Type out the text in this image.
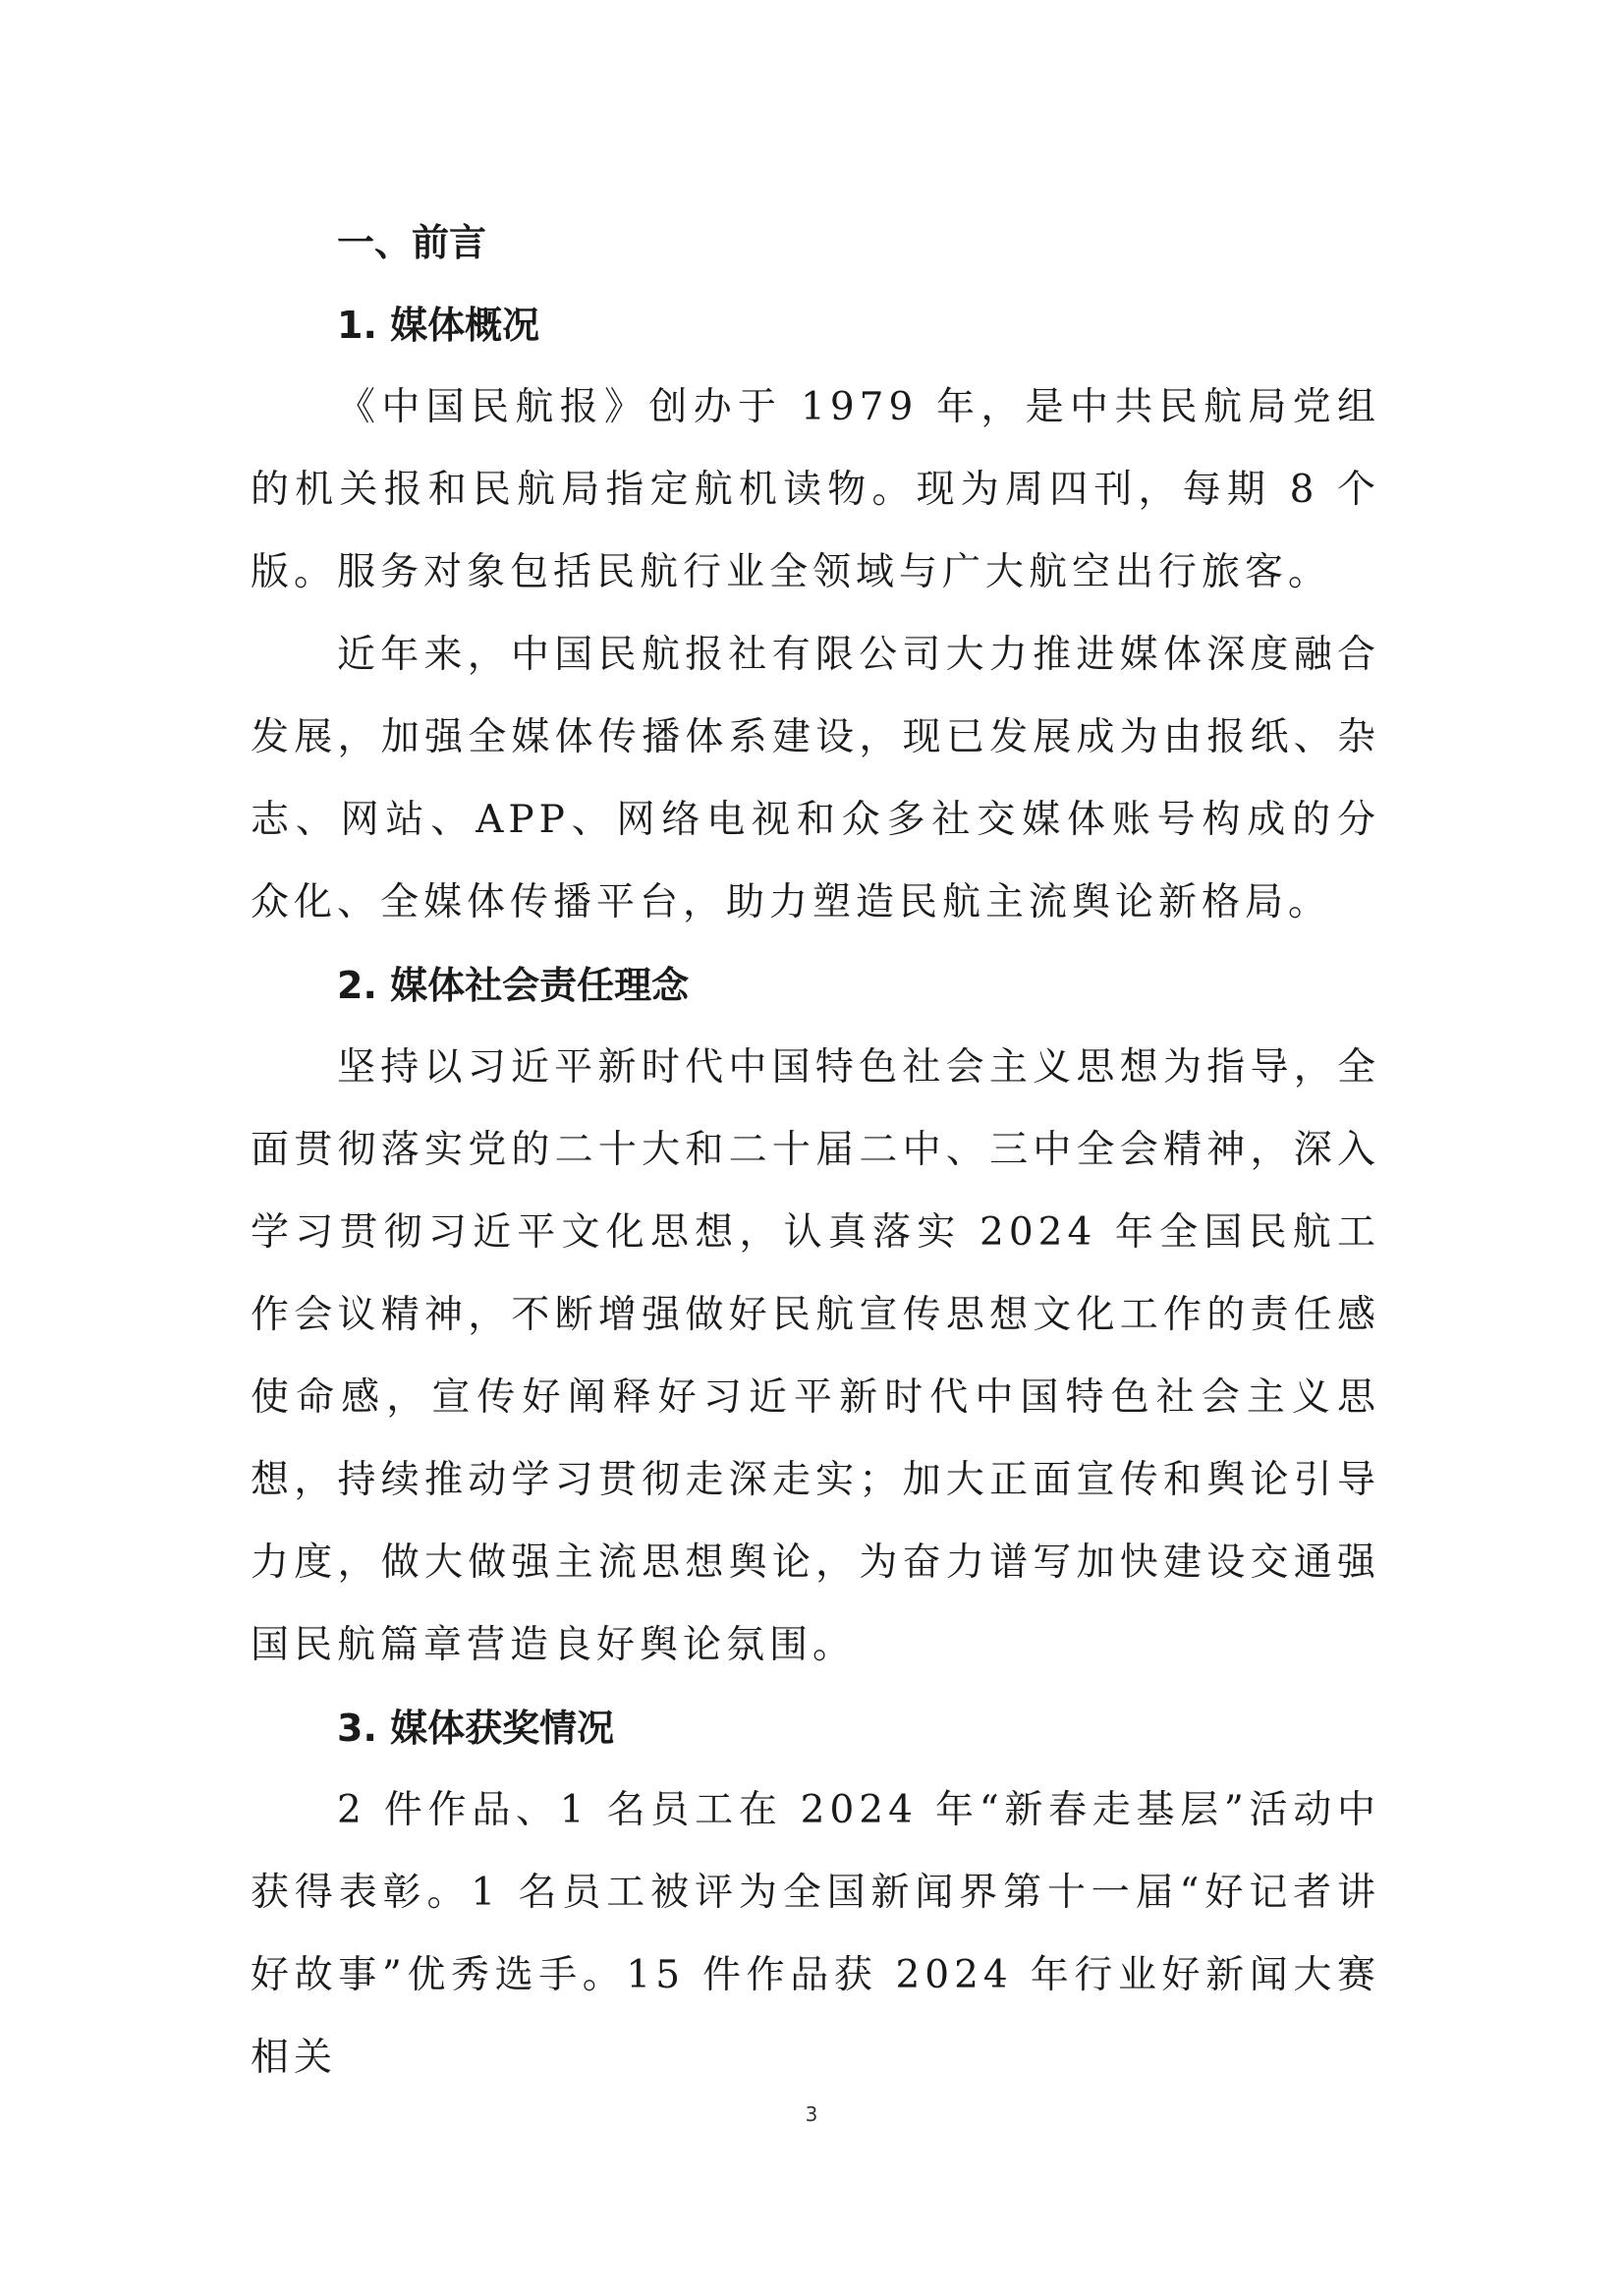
一、前言

1. 媒体概况

《中国民航报》创办于 1979 年，是中共民航局党组的机关报和民航局指定航机读物。现为周四刊，每期 8 个版。服务对象包括民航行业全领域与广大航空出行旅客。

近年来，中国民航报社有限公司大力推进媒体深度融合发展，加强全媒体传播体系建设，现已发展成为由报纸、杂志、网站、APP、网络电视和众多社交媒体账号构成的分众化、全媒体传播平台，助力塑造民航主流舆论新格局。

2. 媒体社会责任理念

坚持以习近平新时代中国特色社会主义思想为指导，全面贯彻落实党的二十大和二十届二中、三中全会精神，深入学习贯彻习近平文化思想，认真落实 2024 年全国民航工作会议精神，不断增强做好民航宣传思想文化工作的责任感使命感，宣传好阐释好习近平新时代中国特色社会主义思想，持续推动学习贯彻走深走实；加大正面宣传和舆论引导力度，做大做强主流思想舆论，为奋力谱写加快建设交通强国民航篇章营造良好舆论氛围。

3. 媒体获奖情况

2 件作品、1 名员工在 2024 年“新春走基层”活动中获得表彰。1 名员工被评为全国新闻界第十一届“好记者讲好故事”优秀选手。15 件作品获 2024 年行业好新闻大赛相关

3
